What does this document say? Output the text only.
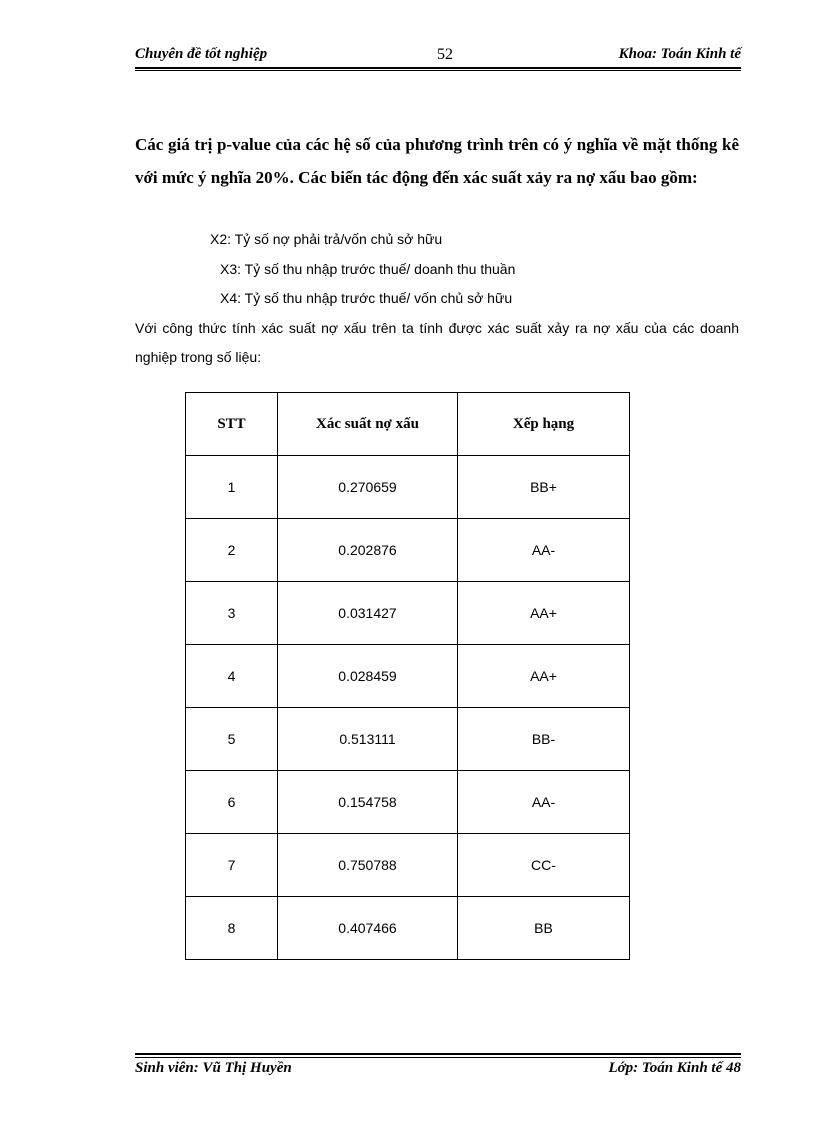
Chuyên đề tốt nghiệp	52	Khoa: Toán Kinh tế

Các giá trị p-value của các hệ số của phương trình trên có ý nghĩa về mặt thống kê với mức ý nghĩa 20%. Các biến tác động đến xác suất xảy ra nợ xấu bao gồm:

X2: Tỷ số nợ phải trả/vốn chủ sở hữu

X3: Tỷ số thu nhập trước thuế/ doanh thu thuần

X4: Tỷ số thu nhập trước thuế/ vốn chủ sở hữu

Với công thức tính xác suất nợ xấu trên ta tính được xác suất xảy ra nợ xấu của các doanh nghiệp trong số liệu:

STT	Xác suất nợ xấu	Xếp hạng
1	0.270659	BB+
2	0.202876	AA-
3	0.031427	AA+
4	0.028459	AA+
5	0.513111	BB-
6	0.154758	AA-
7	0.750788	CC-
8	0.407466	BB
Sinh viên: Vũ Thị Huyền	Lớp: Toán Kinh tế 48
